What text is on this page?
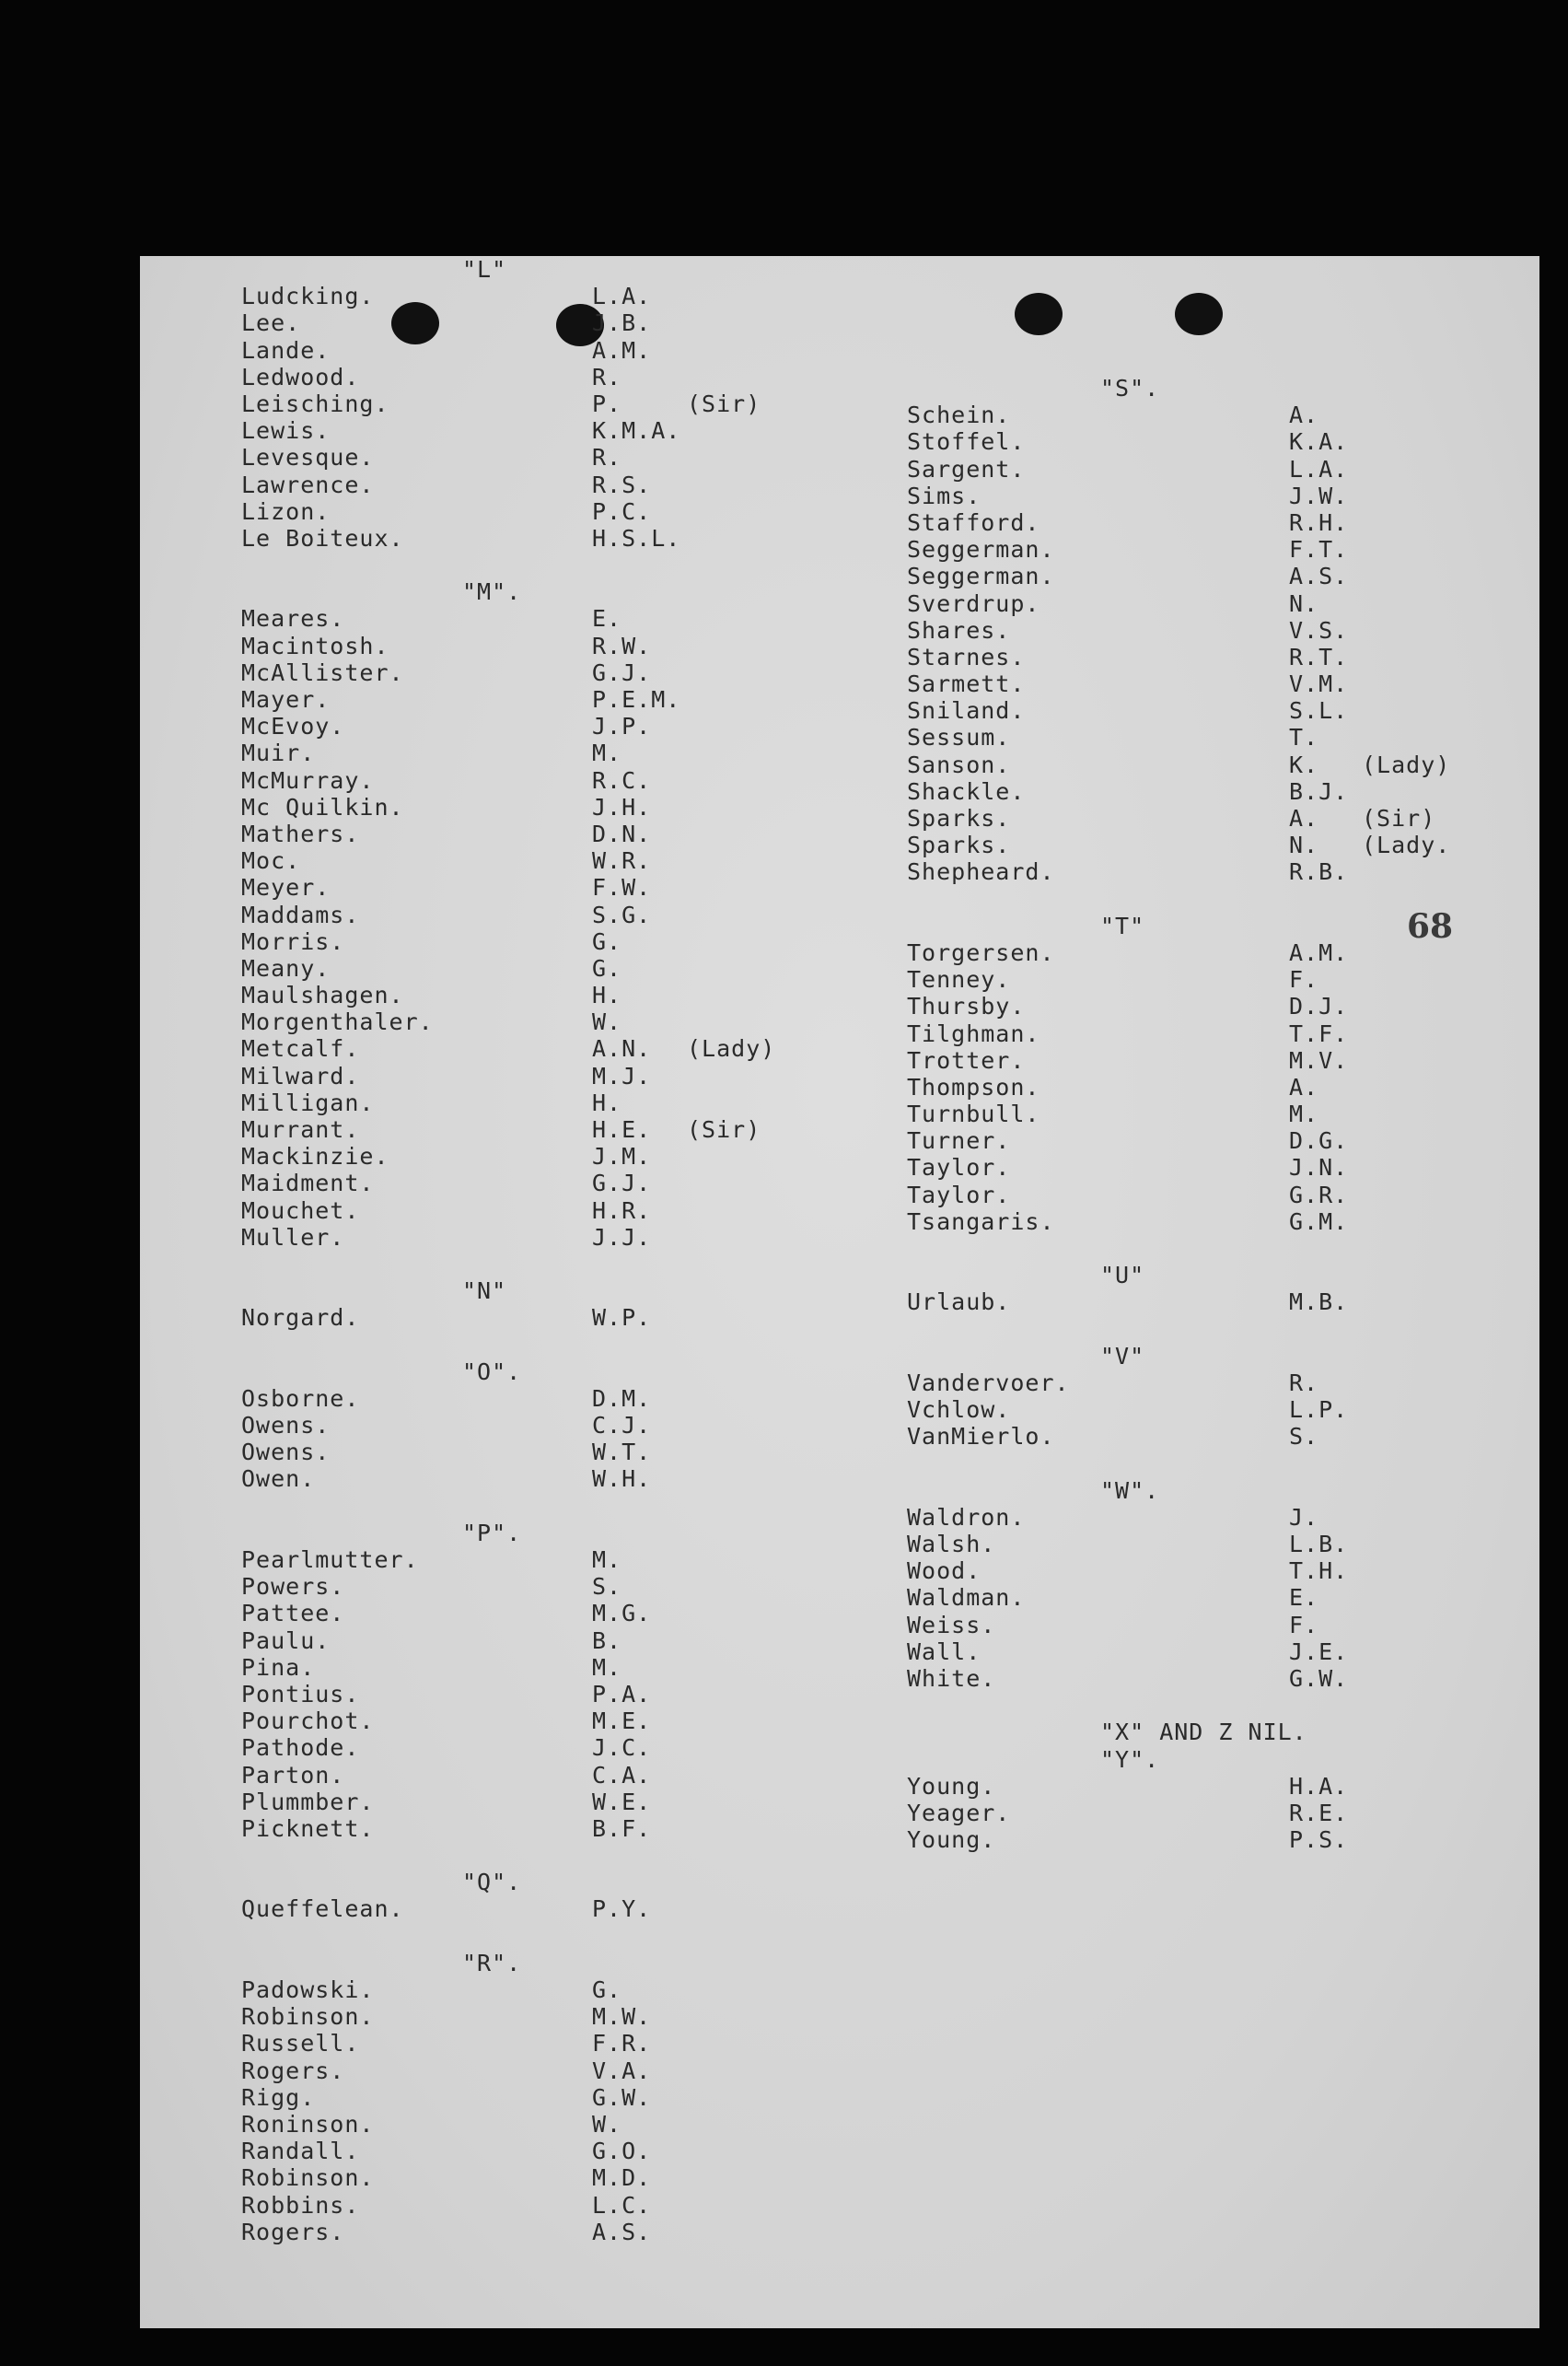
"L"
Ludcking.	L.A.
Lee.	J.B.
Lande.	A.M.
Ledwood.	R.
Leisching.	P.	(Sir)
Lewis.	K.M.A.
Levesque.	R.
Lawrence.	R.S.
Lizon.	P.C.
Le Boiteux.	H.S.L.
"M".
Meares.	E.
Macintosh.	R.W.
McAllister.	G.J.
Mayer.	P.E.M.
McEvoy.	J.P.
Muir.	M.
McMurray.	R.C.
Mc Quilkin.	J.H.
Mathers.	D.N.
Moc.	W.R.
Meyer.	F.W.
Maddams.	S.G.
Morris.	G.
Meany.	G.
Maulshagen.	H.
Morgenthaler.	W.
Metcalf.	A.N. (Lady)
Milward.	M.J.
Milligan.	H.
Murrant.	H.E. (Sir)
Mackinzie.	J.M.
Maidment.	G.J.
Mouchet.	H.R.
Muller.	J.J.
"N"
Norgard.	W.P.
"O".
Osborne.	D.M.
Owens.	C.J.
Owens.	W.T.
Owen.	W.H.
"P".
Pearlmutter.	M.
Powers.	S.
Pattee.	M.G.
Paulu.	B.
Pina.	M.
Pontius.	P.A.
Pourchot.	M.E.
Pathode.	J.C.
Parton.	C.A.
Plummber.	W.E.
Picknett.	B.F.
"Q".
Queffelean.	P.Y.
"R".
Padowski.	G.
Robinson.	M.W.
Russell.	F.R.
Rogers.	V.A.
Rigg.	G.W.
Roninson.	W.
Randall.	G.O.
Robinson.	M.D.
Robbins.	L.C.
Rogers.	A.S.
"S".
Schein.	A.
Stoffel.	K.A.
Sargent.	L.A.
Sims.	J.W.
Stafford.	R.H.
Seggerman.	F.T.
Seggerman.	A.S.
Sverdrup.	N.
Shares.	V.S.
Starnes.	R.T.
Sarmett.	V.M.
Sniland.	S.L.
Sessum.	T.
Sanson.	K. (Lady)
Shackle.	B.J.
Sparks.	A. (Sir)
Sparks.	N. (Lady.
Shepheard.	R.B.
"T"
Torgersen.	A.M.
Tenney.	F.
Thursby.	D.J.
Tilghman.	T.F.
Trotter.	M.V.
Thompson.	A.
Turnbull.	M.
Turner.	D.G.
Taylor.	J.N.
Taylor.	G.R.
Tsangaris.	G.M.
"U"
Urlaub.	M.B.
"V"
Vandervoer.	R.
Vchlow.	L.P.
VanMierlo.	S.
"W".
Waldron.	J.
Walsh.	L.B.
Wood.	T.H.
Waldman.	E.
Weiss.	F.
Wall.	J.E.
White.	G.W.
"X" AND Z NIL.
"Y".
Young.	H.A.
Yeager.	R.E.
Young.	P.S.
68
